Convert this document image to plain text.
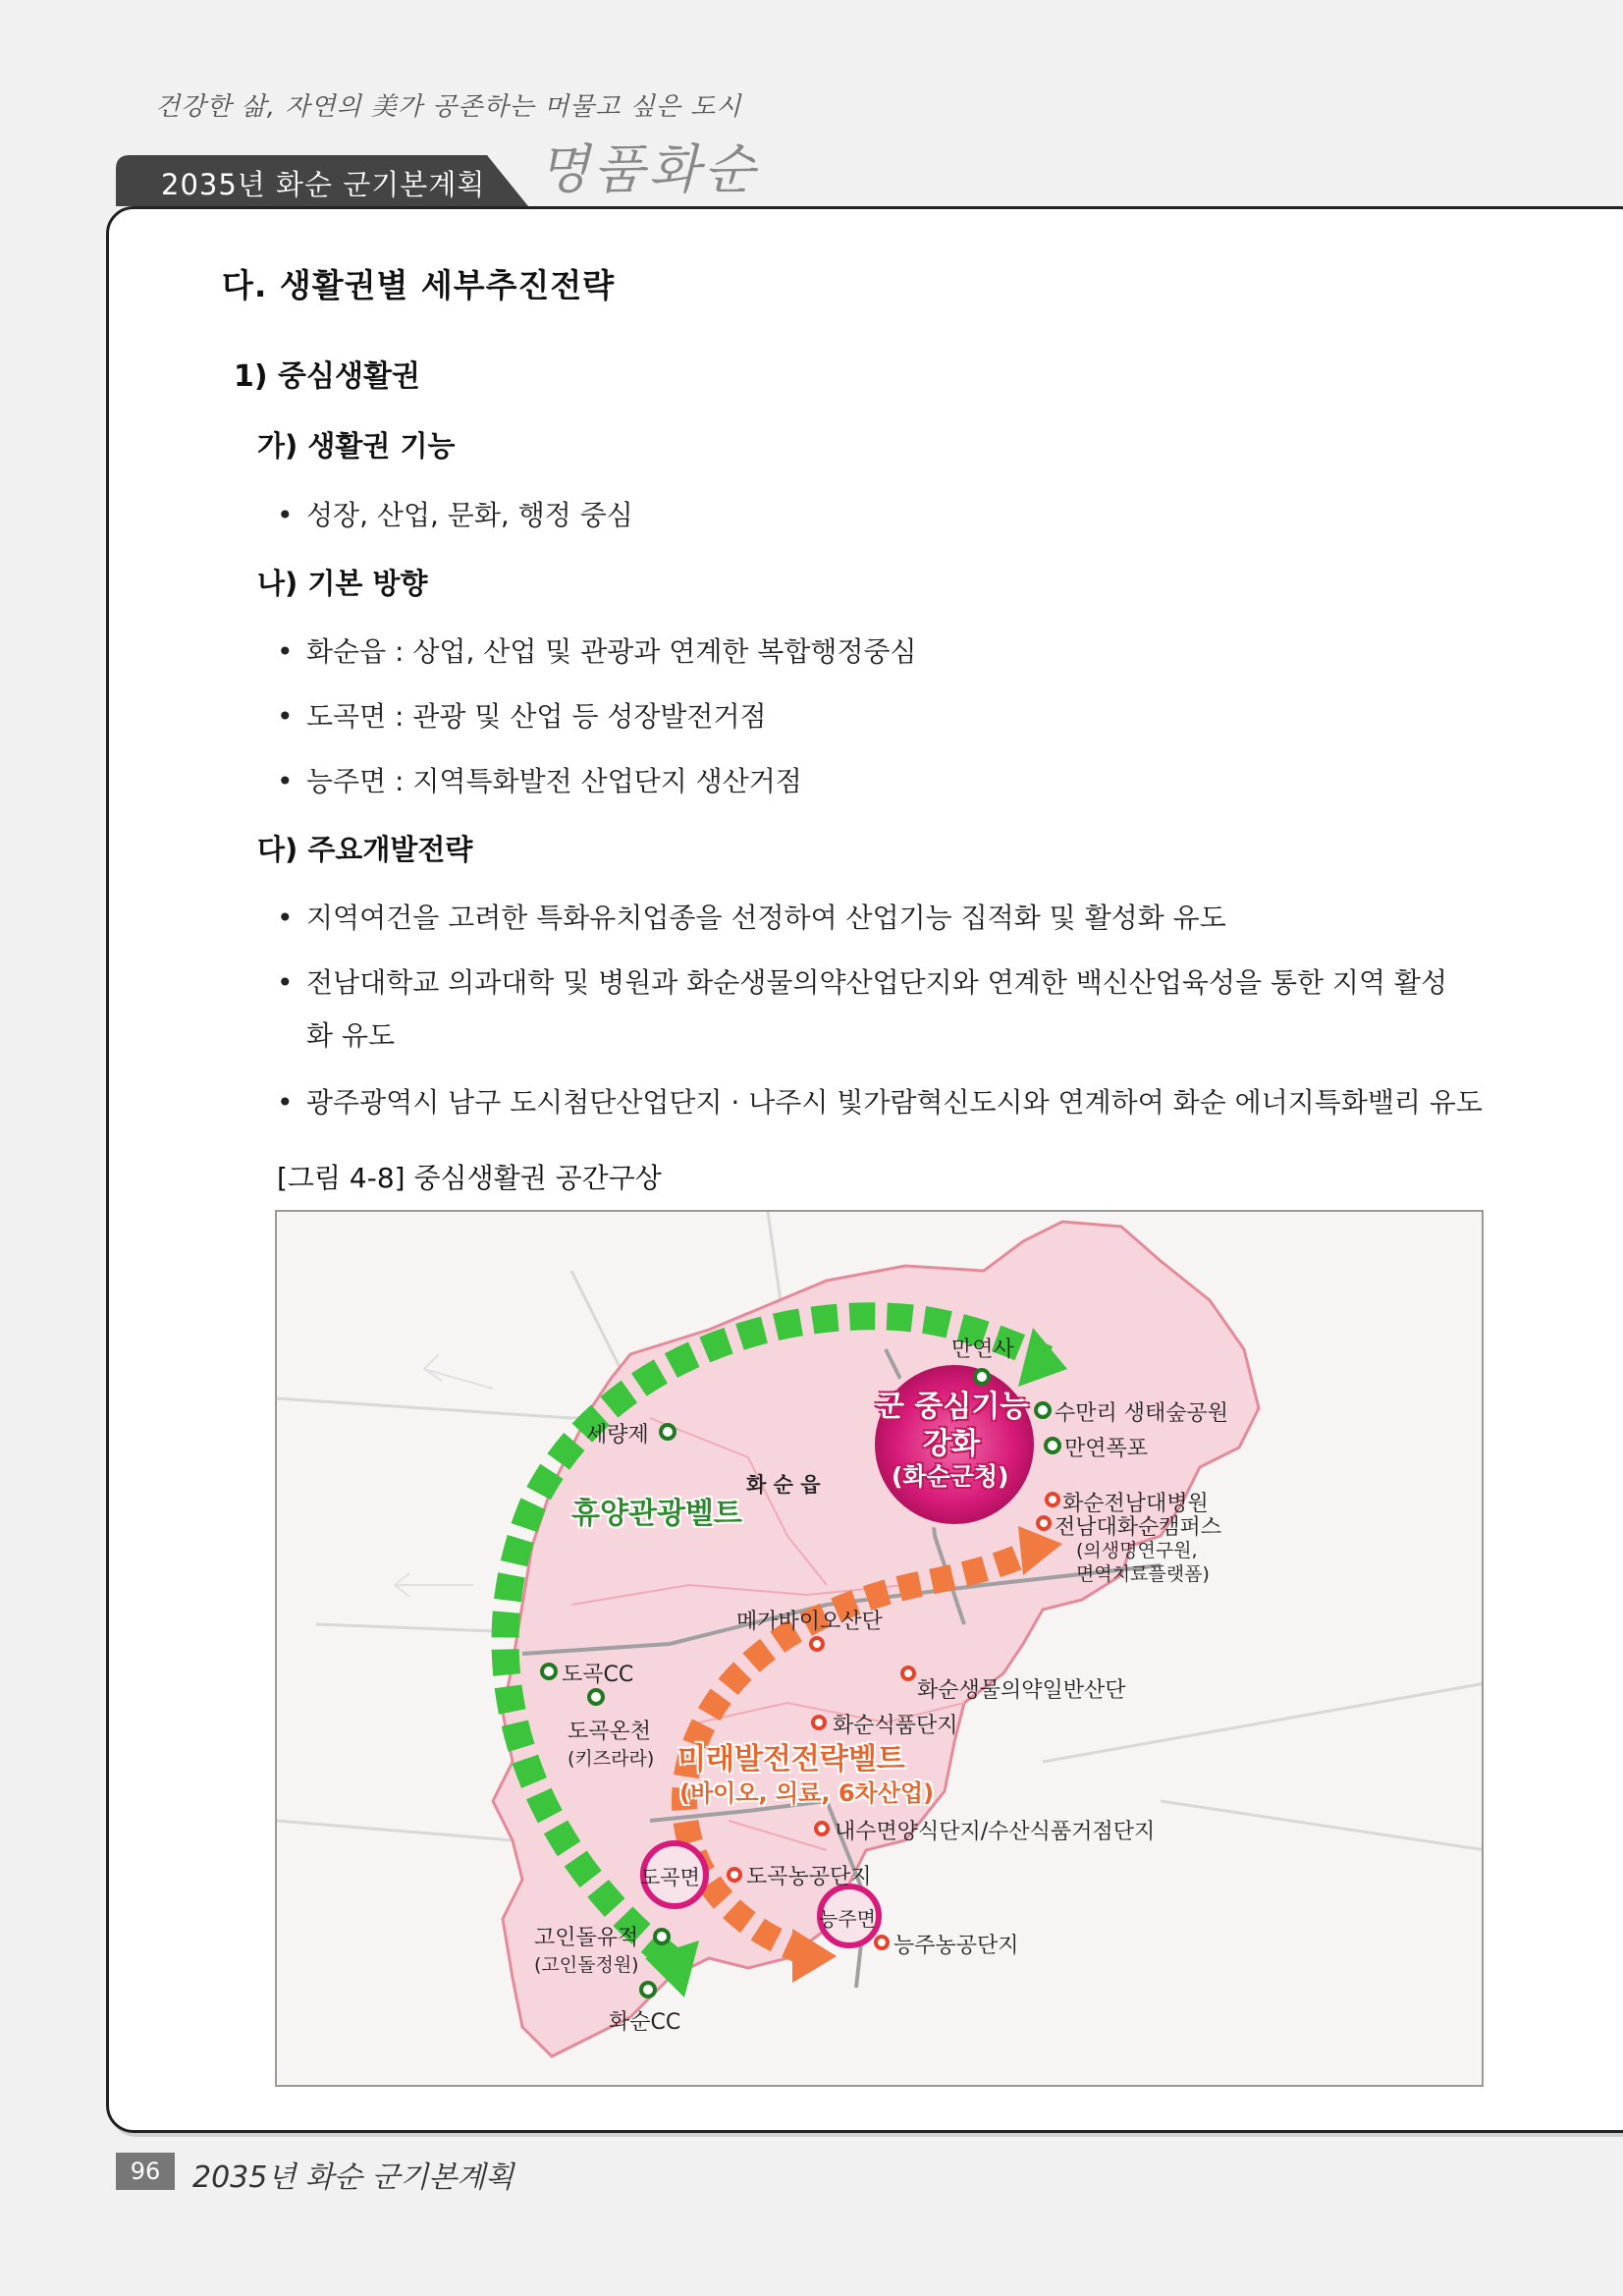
건강한 삶, 자연의 美가 공존하는 머물고 싶은 도시
2035년 화순 군기본계획 명품화순
다. 생활권별 세부추진전략
1) 중심생활권
가) 생활권 기능
• 성장, 산업, 문화, 행정 중심
나) 기본 방향
• 화순읍 : 상업, 산업 및 관광과 연계한 복합행정중심
• 도곡면 : 관광 및 산업 등 성장발전거점
• 능주면 : 지역특화발전 산업단지 생산거점
다) 주요개발전략
• 지역여건을 고려한 특화유치업종을 선정하여 산업기능 집적화 및 활성화 유도
• 전남대학교 의과대학 및 병원과 화순생물의약산업단지와 연계한 백신산업육성을 통한 지역 활성화 유도
• 광주광역시 남구 도시첨단산업단지 · 나주시 빛가람혁신도시와 연계하여 화순 에너지특화밸리 유도
[그림 4-8] 중심생활권 공간구상
군 중심기능
강화
(화순군청)
휴양관광벨트
미래발전전략벨트
(바이오, 의료, 6차산업)
화 순 읍
도곡면
능주면
만연사
수만리 생태숲공원
만연폭포
세량제
도곡CC
도곡온천
(키즈라라)
고인돌유적
(고인돌정원)
화순CC
화순전남대병원
전남대화순캠퍼스
(의생명연구원,
면역치료플랫폼)
메가바이오산단
화순생물의약일반산단
화순식품단지
내수면양식단지/수산식품거점단지
도곡농공단지
능주농공단지
96	2035년 화순 군기본계획
